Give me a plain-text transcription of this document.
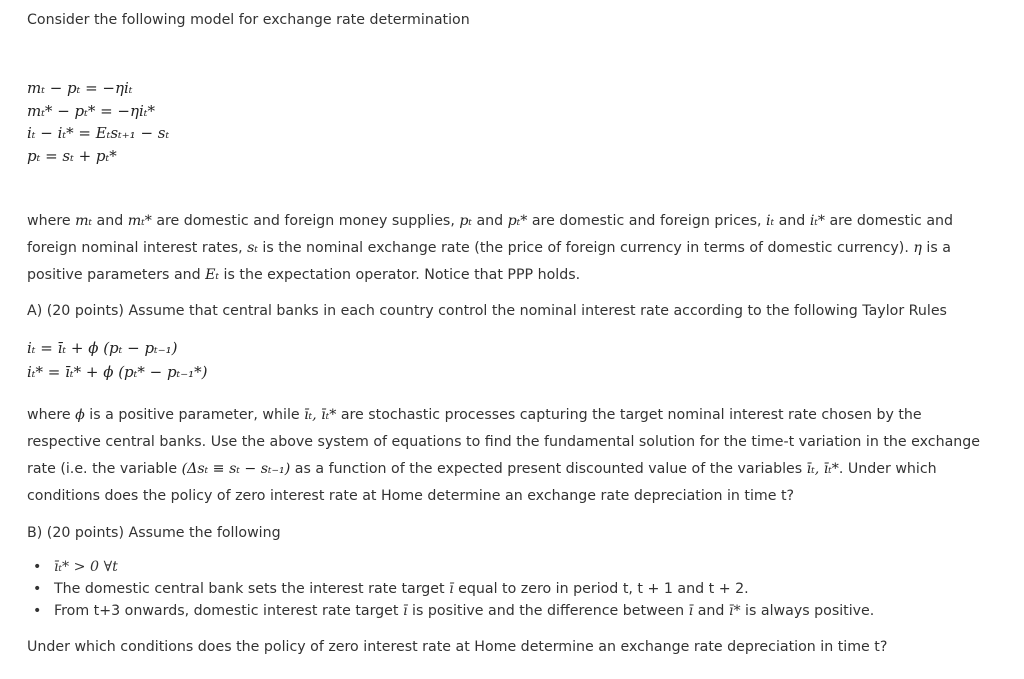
Consider the following model for exchange rate determination
mₜ − pₜ = −ηiₜ
mₜ* − pₜ* = −ηiₜ*
iₜ − iₜ* = Eₜsₜ₊₁ − sₜ
pₜ = sₜ + pₜ*
where mₜ and mₜ* are domestic and foreign money supplies, pₜ and pₜ* are domestic and foreign prices, iₜ and iₜ* are domestic and foreign nominal interest rates, sₜ is the nominal exchange rate (the price of foreign currency in terms of domestic currency). η is a positive parameters and Eₜ is the expectation operator. Notice that PPP holds.
A) (20 points) Assume that central banks in each country control the nominal interest rate according to the following Taylor Rules
iₜ = īₜ + ϕ (pₜ − pₜ₋₁)
iₜ* = īₜ* + ϕ (pₜ* − pₜ₋₁*)
where ϕ is a positive parameter, while īₜ, īₜ* are stochastic processes capturing the target nominal interest rate chosen by the respective central banks. Use the above system of equations to find the fundamental solution for the time-t variation in the exchange rate (i.e. the variable (Δsₜ ≡ sₜ − sₜ₋₁) as a function of the expected present discounted value of the variables īₜ, īₜ*. Under which conditions does the policy of zero interest rate at Home determine an exchange rate depreciation in time t?
B) (20 points) Assume the following
• īₜ* > 0 ∀t
• The domestic central bank sets the interest rate target ī equal to zero in period t, t + 1 and t + 2.
• From t+3 onwards, domestic interest rate target ī is positive and the difference between ī and ī* is always positive.
Under which conditions does the policy of zero interest rate at Home determine an exchange rate depreciation in time t?
